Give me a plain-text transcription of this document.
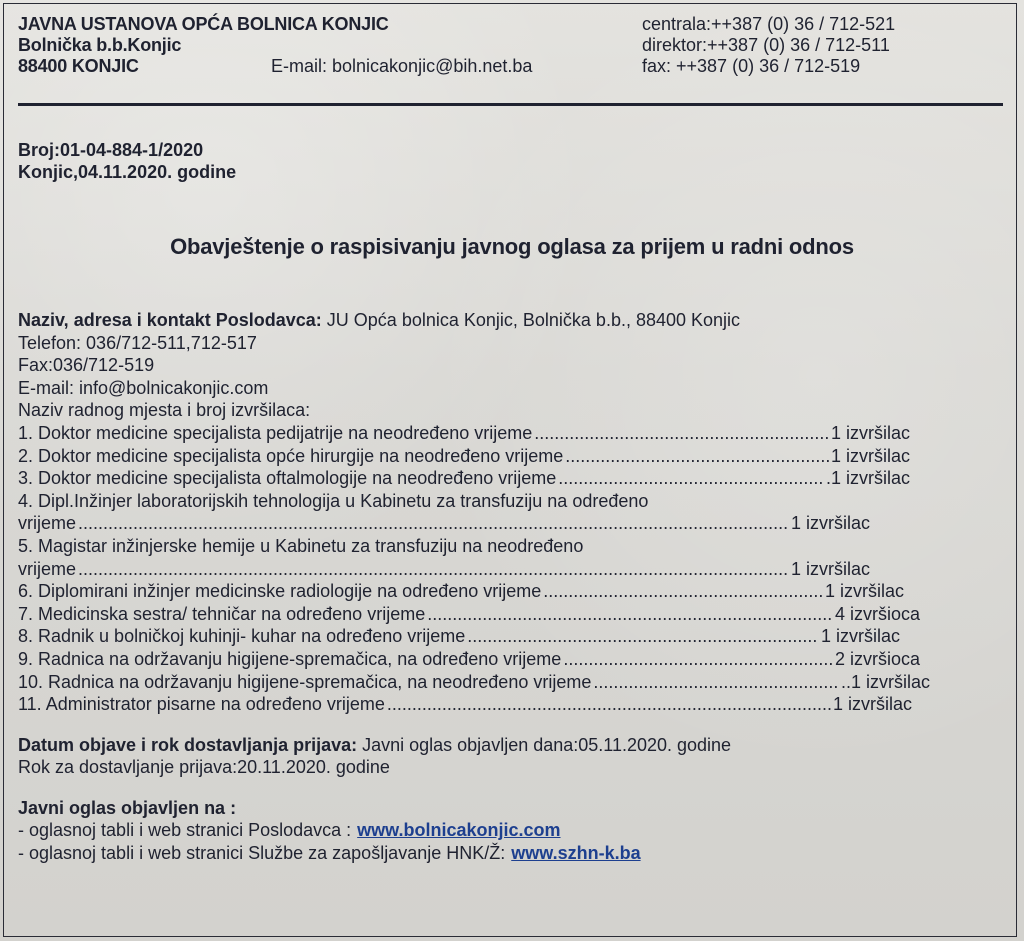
JAVNA USTANOVA OPĆA BOLNICA KONJIC
Bolnička b.b.Konjic
88400 KONJIC	E-mail: bolnicakonjic@bih.net.ba
centrala:++387 (0) 36 / 712-521
direktor:++387 (0) 36 / 712-511
fax: ++387 (0) 36 / 712-519
Broj:01-04-884-1/2020
Konjic,04.11.2020. godine
Obavještenje o raspisivanju javnog oglasa za prijem u radni odnos
Naziv, adresa i kontakt Poslodavca: JU Opća bolnica Konjic, Bolnička b.b., 88400 Konjic
Telefon: 036/712-511,712-517
Fax:036/712-519
E-mail: info@bolnicakonjic.com
Naziv radnog mjesta i broj izvršilaca:
1. Doktor medicine specijalista pedijatrije na neodređeno vrijeme .....	1 izvršilac
2. Doktor medicine specijalista opće hirurgije na neodređeno vrijeme .....	1 izvršilac
3. Doktor medicine specijalista oftalmologije na neodređeno vrijeme .....	.1 izvršilac
4. Dipl.Inžinjer laboratorijskih tehnologija u Kabinetu za transfuziju na određeno
vrijeme .....	1 izvršilac
5. Magistar inžinjerske hemije u Kabinetu za transfuziju na neodređeno
vrijeme .....	1 izvršilac
6. Diplomirani inžinjer medicinske radiologije na određeno vrijeme .....	1 izvršilac
7. Medicinska sestra/ tehničar na određeno vrijeme .....	4 izvršioca
8. Radnik u bolničkoj kuhinji- kuhar na određeno vrijeme .....	1 izvršilac
9. Radnica na održavanju higijene-spremačica, na određeno vrijeme .....	2 izvršioca
10. Radnica na održavanju higijene-spremačica, na neodređeno vrijeme .....	..1 izvršilac
11. Administrator pisarne na određeno vrijeme .....	1 izvršilac
Datum objave i rok dostavljanja prijava: Javni oglas objavljen dana:05.11.2020. godine
Rok za dostavljanje prijava:20.11.2020. godine
Javni oglas objavljen na :
- oglasnoj tabli i web stranici Poslodavca : www.bolnicakonjic.com
- oglasnoj tabli i web stranici Službe za zapošljavanje HNK/Ž: www.szhn-k.ba
